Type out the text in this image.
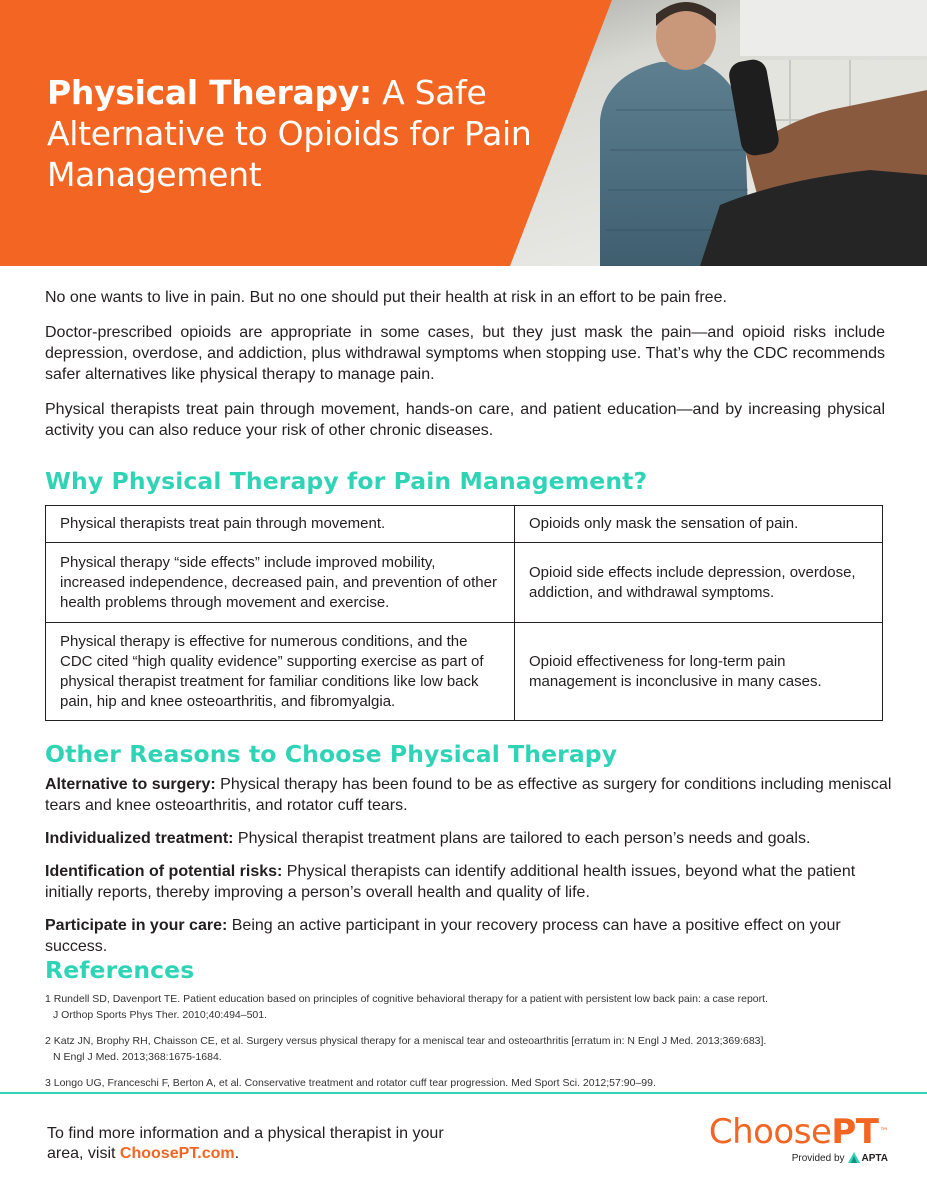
Physical Therapy: A Safe Alternative to Opioids for Pain Management

No one wants to live in pain. But no one should put their health at risk in an effort to be pain free.

Doctor-prescribed opioids are appropriate in some cases, but they just mask the pain—and opioid risks include depression, overdose, and addiction, plus withdrawal symptoms when stopping use. That’s why the CDC recommends safer alternatives like physical therapy to manage pain.

Physical therapists treat pain through movement, hands-on care, and patient education—and by increasing physical activity you can also reduce your risk of other chronic diseases.

Why Physical Therapy for Pain Management?
Physical therapists treat pain through movement.	Opioids only mask the sensation of pain.
Physical therapy “side effects” include improved mobility, increased independence, decreased pain, and prevention of other health problems through movement and exercise.	Opioid side effects include depression, overdose, addiction, and withdrawal symptoms.
Physical therapy is effective for numerous conditions, and the CDC cited “high quality evidence” supporting exercise as part of physical therapist treatment for familiar conditions like low back pain, hip and knee osteoarthritis, and fibromyalgia.	Opioid effectiveness for long-term pain management is inconclusive in many cases.
Other Reasons to Choose Physical Therapy

Alternative to surgery: Physical therapy has been found to be as effective as surgery for conditions including meniscal tears and knee osteoarthritis, and rotator cuff tears.

Individualized treatment: Physical therapist treatment plans are tailored to each person’s needs and goals.

Identification of potential risks: Physical therapists can identify additional health issues, beyond what the patient initially reports, thereby improving a person’s overall health and quality of life.

Participate in your care: Being an active participant in your recovery process can have a positive effect on your success.

References
1 Rundell SD, Davenport TE. Patient education based on principles of cognitive behavioral therapy for a patient with persistent low back pain: a case report.
J Orthop Sports Phys Ther. 2010;40:494–501.
2 Katz JN, Brophy RH, Chaisson CE, et al. Surgery versus physical therapy for a meniscal tear and osteoarthritis [erratum in: N Engl J Med. 2013;369:683].
N Engl J Med. 2013;368:1675-1684.
3 Longo UG, Franceschi F, Berton A, et al. Conservative treatment and rotator cuff tear progression. Med Sport Sci. 2012;57:90–99.
To find more information and a physical therapist in your area, visit ChoosePT.com.
ChoosePT™
Provided by APTA
